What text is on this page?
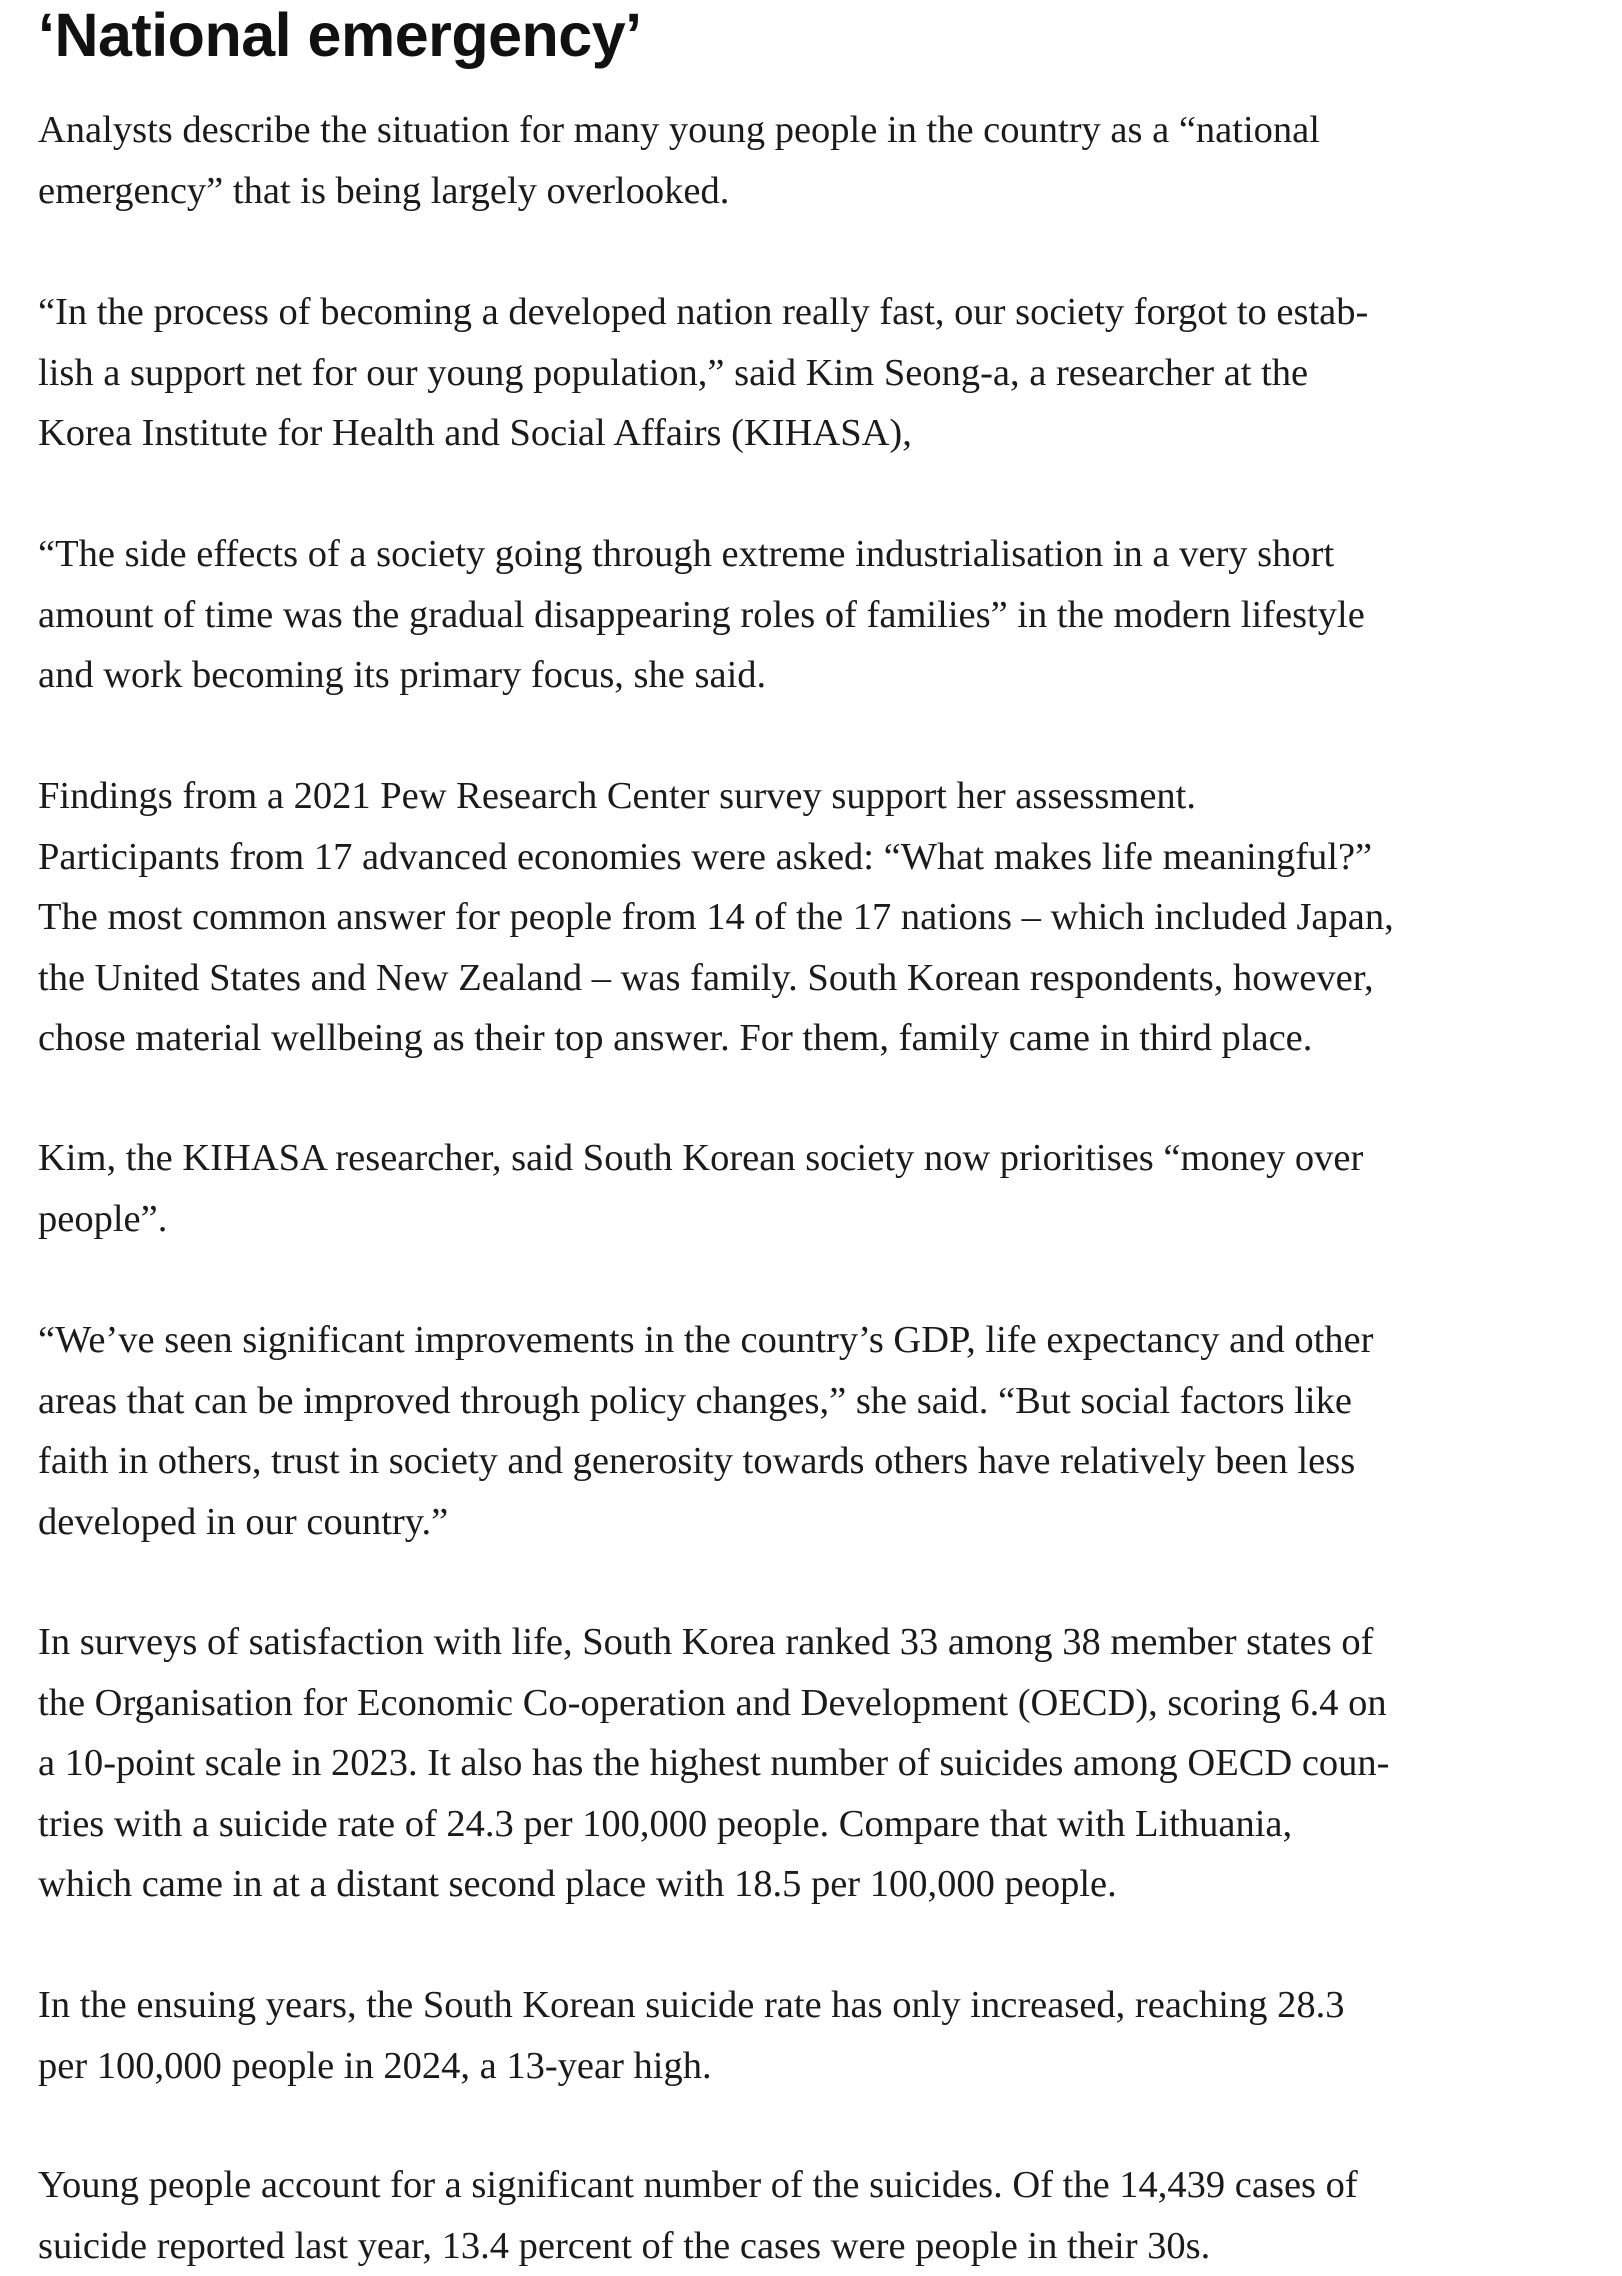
‘National emergency’

Analysts describe the situation for many young people in the country as a “national
emergency” that is being largely overlooked.

“In the process of becoming a developed nation really fast, our society forgot to estab-
lish a support net for our young population,” said Kim Seong-a, a researcher at the
Korea Institute for Health and Social Affairs (KIHASA),

“The side effects of a society going through extreme industrialisation in a very short
amount of time was the gradual disappearing roles of families” in the modern lifestyle
and work becoming its primary focus, she said.

Findings from a 2021 Pew Research Center survey support her assessment.
Participants from 17 advanced economies were asked: “What makes life meaningful?”
The most common answer for people from 14 of the 17 nations – which included Japan,
the United States and New Zealand – was family. South Korean respondents, however,
chose material wellbeing as their top answer. For them, family came in third place.

Kim, the KIHASA researcher, said South Korean society now prioritises “money over
people”.

“We’ve seen significant improvements in the country’s GDP, life expectancy and other
areas that can be improved through policy changes,” she said. “But social factors like
faith in others, trust in society and generosity towards others have relatively been less
developed in our country.”

In surveys of satisfaction with life, South Korea ranked 33 among 38 member states of
the Organisation for Economic Co-operation and Development (OECD), scoring 6.4 on
a 10-point scale in 2023. It also has the highest number of suicides among OECD coun-
tries with a suicide rate of 24.3 per 100,000 people. Compare that with Lithuania,
which came in at a distant second place with 18.5 per 100,000 people.

In the ensuing years, the South Korean suicide rate has only increased, reaching 28.3
per 100,000 people in 2024, a 13-year high.

Young people account for a significant number of the suicides. Of the 14,439 cases of
suicide reported last year, 13.4 percent of the cases were people in their 30s.
